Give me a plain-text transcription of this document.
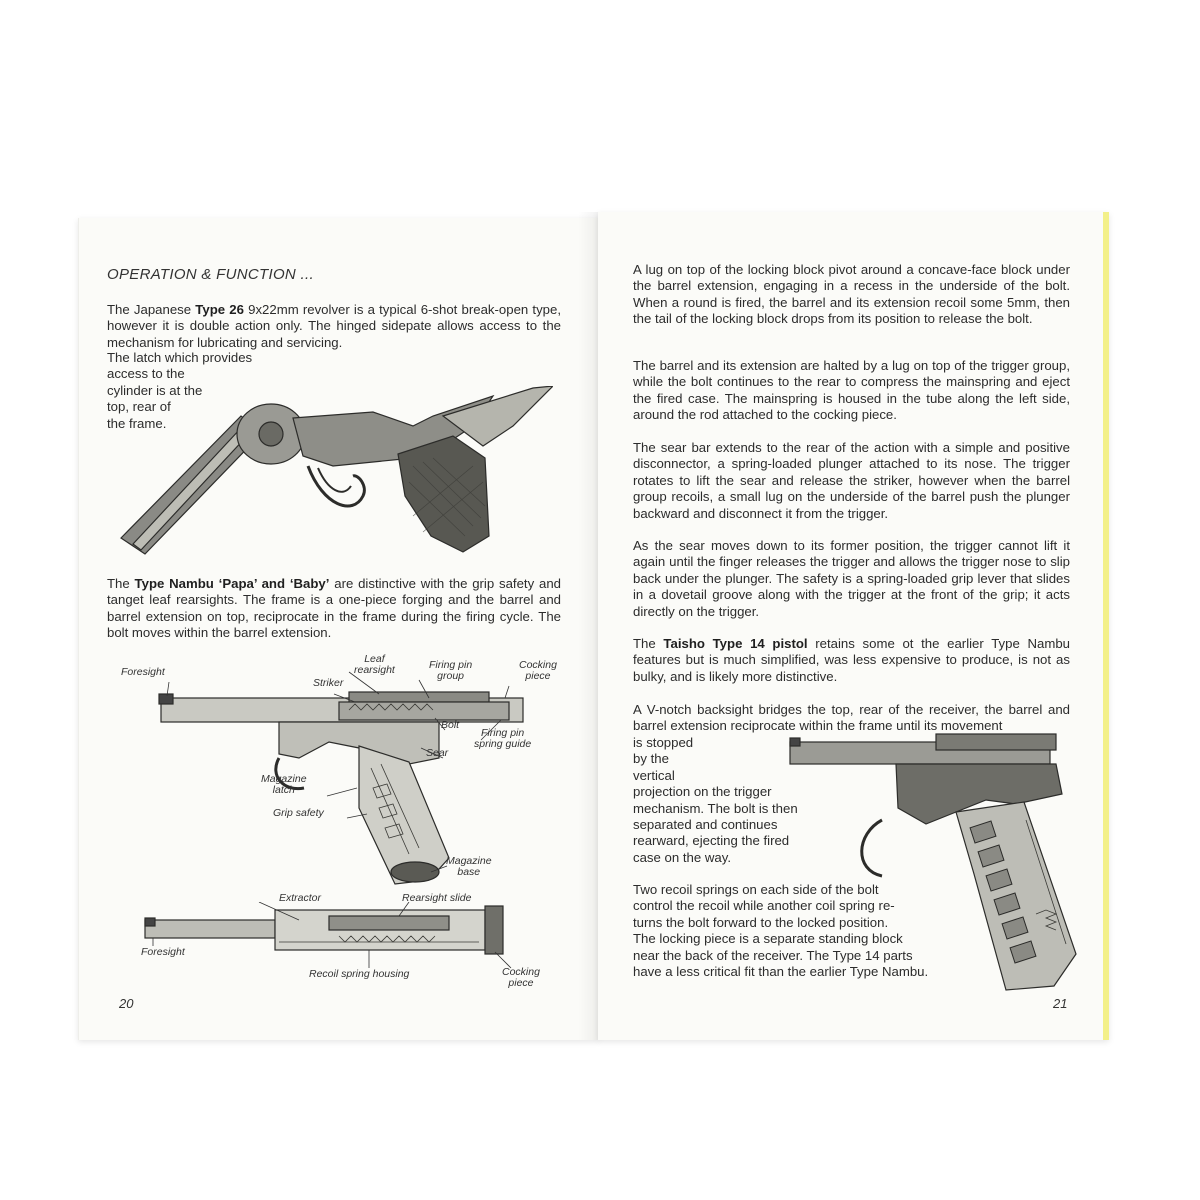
OPERATION & FUNCTION ...
The Japanese Type 26 9x22mm revolver is a typical 6-shot break-open type, however it is double action only. The hinged sidepate allows access to the mechanism for lubricating and servicing.
The latch which provides
access to the
cylinder is at the
top, rear of
the frame.
The Type Nambu ‘Papa’ and ‘Baby’ are distinctive with the grip safety and tanget leaf rearsights. The frame is a one-piece forging and the barrel and barrel extension on top, reciprocate in the frame during the firing cycle. The bolt moves within the barrel extension.
Foresight
Leaf
rearsight	Firing pin
group
Cocking
piece
Striker
Bolt
Firing pin
spring guide
Sear
Magazine
latch
Grip safety
Magazine
base
Extractor	Rearsight slide
Foresight
Recoil spring housing	Cocking
piece
20
A lug on top of the locking block pivot around a concave-face block under the barrel extension, engaging in a recess in the underside of the bolt. When a round is fired, the barrel and its extension recoil some 5mm, then the tail of the locking block drops from its position to release the bolt.
The barrel and its extension are halted by a lug on top of the trigger group, while the bolt continues to the rear to compress the mainspring and eject the fired case. The mainspring is housed in the tube along the left side, around the rod attached to the cocking piece.
The sear bar extends to the rear of the action with a simple and positive disconnector, a spring-loaded plunger attached to its nose. The trigger rotates to lift the sear and release the striker, however when the barrel group recoils, a small lug on the underside of the barrel push the plunger backward and disconnect it from the trigger.
As the sear moves down to its former position, the trigger cannot lift it again until the finger releases the trigger and allows the trigger nose to slip back under the plunger. The safety is a spring-loaded grip lever that slides in a dovetail groove along with the trigger at the front of the grip; it acts directly on the trigger.
The Taisho Type 14 pistol retains some ot the earlier Type Nambu features but is much simplified, was less expensive to produce, is not as bulky, and is likely more distinctive.
A V-notch backsight bridges the top, rear of the receiver, the barrel and barrel extension reciprocate within the frame until its movement
is stopped
by the
vertical
projection on the trigger
mechanism. The bolt is then
separated and continues
rearward, ejecting the fired
case on the way.
Two recoil springs on each side of the bolt
control the recoil while another coil spring re-
turns the bolt forward to the locked position.
The locking piece is a separate standing block
near the back of the receiver. The Type 14 parts
have a less critical fit than the earlier Type Nambu.
21
